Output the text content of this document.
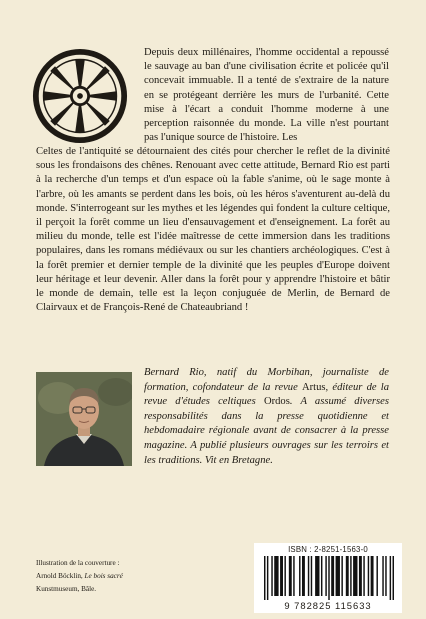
Depuis deux millénaires, l'homme occidental a repoussé le sauvage au ban d'une civilisation écrite et policée qu'il concevait immuable. Il a tenté de s'extraire de la nature en se protégeant derrière les murs de l'urbanité. Cette mise à l'écart a conduit l'homme moderne à une perception raisonnée du monde. La ville n'est pourtant pas l'unique source de l'histoire. Les

Celtes de l'antiquité se détournaient des cités pour chercher le reflet de la divinité sous les frondaisons des chênes. Renouant avec cette attitude, Bernard Rio est parti à la recherche d'un temps et d'un espace où la fable s'anime, où le sage monte à l'arbre, où les amants se perdent dans les bois, où les héros s'aventurent au-delà du monde. S'interrogeant sur les mythes et les légendes qui fondent la culture celtique, il perçoit la forêt comme un lieu d'ensauvagement et d'enseignement. La forêt au milieu du monde, telle est l'idée maîtresse de cette immersion dans les traditions populaires, dans les romans médiévaux ou sur les chantiers archéologiques. C'est à la forêt premier et dernier temple de la divinité que les peuples d'Europe doivent leur héritage et leur devenir. Aller dans la forêt pour y apprendre l'histoire et bâtir le monde de demain, telle est la leçon conjuguée de Merlin, de Bernard de Clairvaux et de François-René de Chateaubriand !

Bernard Rio, natif du Morbihan, journaliste de formation, cofondateur de la revue Artus, éditeur de la revue d'études celtiques Ordos. A assumé diverses responsabilités dans la presse quotidienne et hebdomadaire régionale avant de consacrer à la presse magazine. A publié plusieurs ouvrages sur les terroirs et les traditions. Vit en Bretagne.

Illustration de la couverture :
Arnold Böcklin, Le bois sacré
Kunstmuseum, Bâle.

ISBN : 2-8251-1563-0
9 782825 115633
